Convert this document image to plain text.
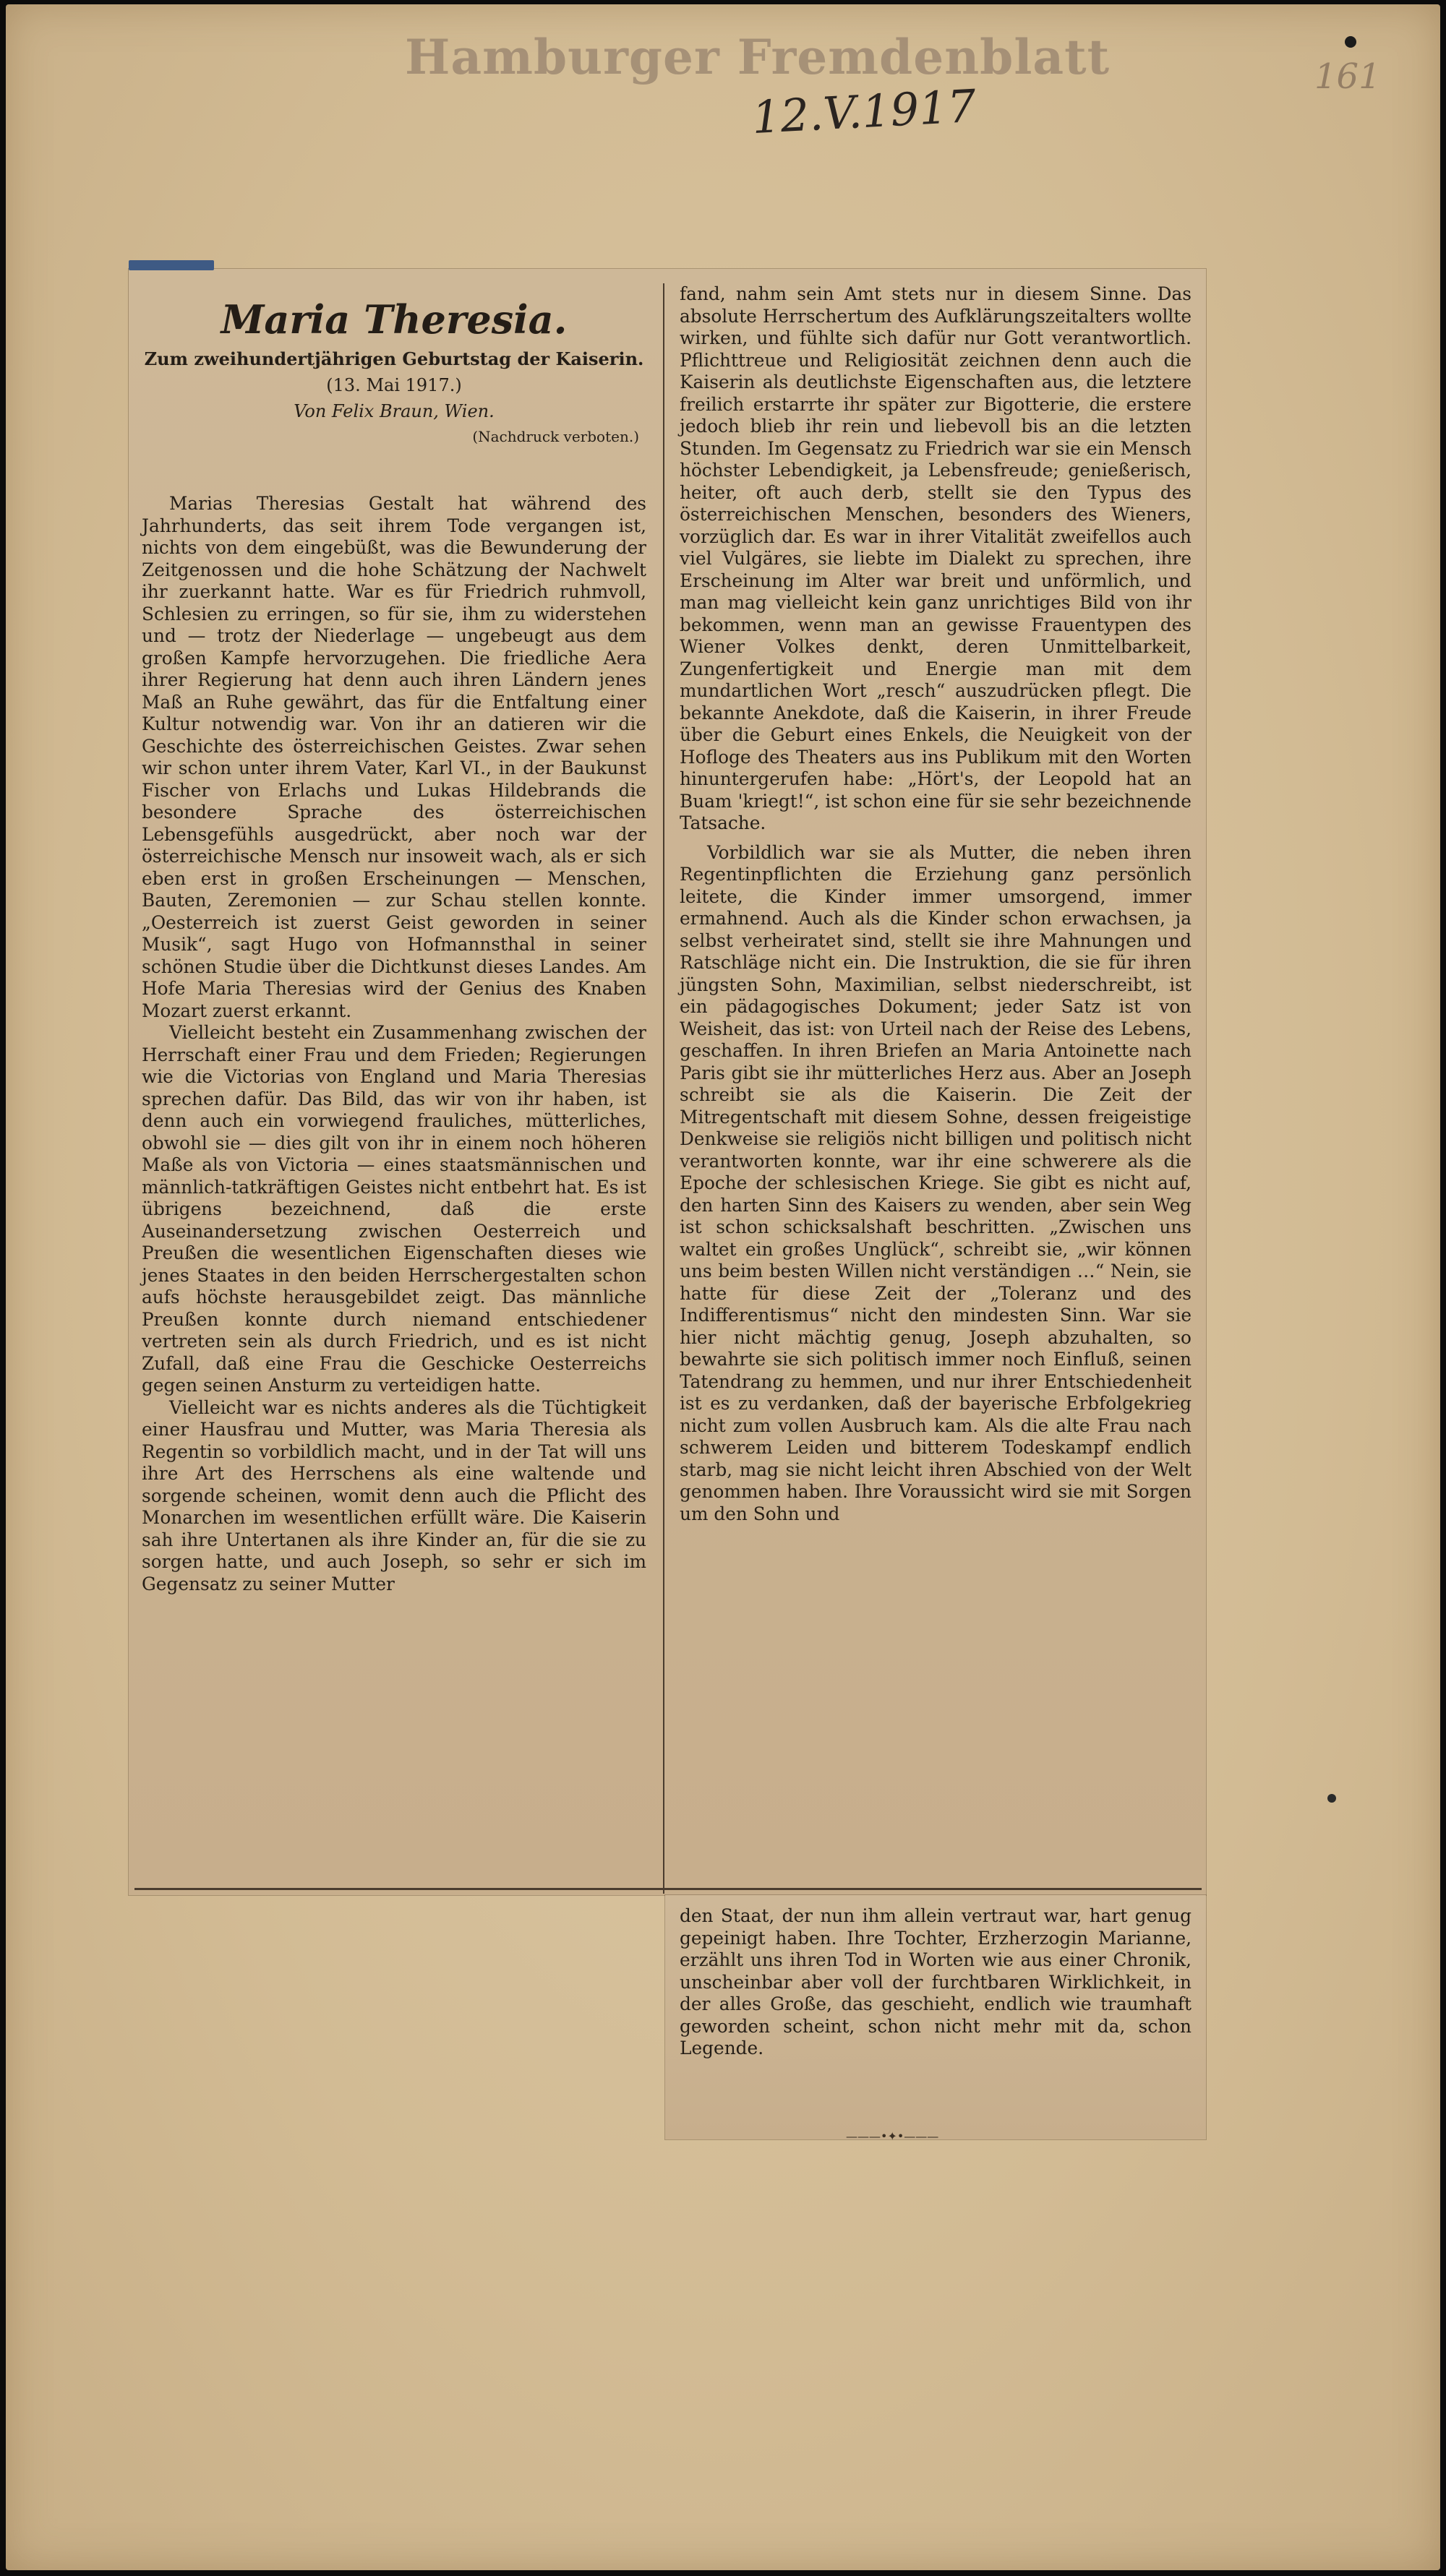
Hamburger Fremdenblatt
12.V.1917
161
Maria Theresia.
Zum zweihundertjährigen Geburtstag der Kaiserin.
(13. Mai 1917.)
Von Felix Braun, Wien.
(Nachdruck verboten.)

Marias Theresias Gestalt hat während des Jahrhunderts, das seit ihrem Tode vergangen ist, nichts von dem eingebüßt, was die Bewunderung der Zeitgenossen und die hohe Schätzung der Nachwelt ihr zuerkannt hatte. War es für Friedrich ruhmvoll, Schlesien zu erringen, so für sie, ihm zu widerstehen und — trotz der Niederlage — ungebeugt aus dem großen Kampfe hervorzugehen. Die friedliche Aera ihrer Regierung hat denn auch ihren Ländern jenes Maß an Ruhe gewährt, das für die Entfaltung einer Kultur notwendig war. Von ihr an datieren wir die Geschichte des österreichischen Geistes. Zwar sehen wir schon unter ihrem Vater, Karl VI., in der Baukunst Fischer von Erlachs und Lukas Hildebrands die besondere Sprache des österreichischen Lebensgefühls ausgedrückt, aber noch war der österreichische Mensch nur insoweit wach, als er sich eben erst in großen Erscheinungen — Menschen, Bauten, Zeremonien — zur Schau stellen konnte. „Oesterreich ist zuerst Geist geworden in seiner Musik“, sagt Hugo von Hofmannsthal in seiner schönen Studie über die Dichtkunst dieses Landes. Am Hofe Maria Theresias wird der Genius des Knaben Mozart zuerst erkannt.

Vielleicht besteht ein Zusammenhang zwischen der Herrschaft einer Frau und dem Frieden; Regierungen wie die Victorias von England und Maria Theresias sprechen dafür. Das Bild, das wir von ihr haben, ist denn auch ein vorwiegend frauliches, mütterliches, obwohl sie — dies gilt von ihr in einem noch höheren Maße als von Victoria — eines staatsmännischen und männlich-tatkräftigen Geistes nicht entbehrt hat. Es ist übrigens bezeichnend, daß die erste Auseinandersetzung zwischen Oesterreich und Preußen die wesentlichen Eigenschaften dieses wie jenes Staates in den beiden Herrschergestalten schon aufs höchste herausgebildet zeigt. Das männliche Preußen konnte durch niemand entschiedener vertreten sein als durch Friedrich, und es ist nicht Zufall, daß eine Frau die Geschicke Oesterreichs gegen seinen Ansturm zu verteidigen hatte.

Vielleicht war es nichts anderes als die Tüchtigkeit einer Hausfrau und Mutter, was Maria Theresia als Regentin so vorbildlich macht, und in der Tat will uns ihre Art des Herrschens als eine waltende und sorgende scheinen, womit denn auch die Pflicht des Monarchen im wesentlichen erfüllt wäre. Die Kaiserin sah ihre Untertanen als ihre Kinder an, für die sie zu sorgen hatte, und auch Joseph, so sehr er sich im Gegensatz zu seiner Mutter

fand, nahm sein Amt stets nur in diesem Sinne. Das absolute Herrschertum des Aufklärungszeitalters wollte wirken, und fühlte sich dafür nur Gott verantwortlich. Pflichttreue und Religiosität zeichnen denn auch die Kaiserin als deutlichste Eigenschaften aus, die letztere freilich erstarrte ihr später zur Bigotterie, die erstere jedoch blieb ihr rein und liebevoll bis an die letzten Stunden. Im Gegensatz zu Friedrich war sie ein Mensch höchster Lebendigkeit, ja Lebensfreude; genießerisch, heiter, oft auch derb, stellt sie den Typus des österreichischen Menschen, besonders des Wieners, vorzüglich dar. Es war in ihrer Vitalität zweifellos auch viel Vulgäres, sie liebte im Dialekt zu sprechen, ihre Erscheinung im Alter war breit und unförmlich, und man mag vielleicht kein ganz unrichtiges Bild von ihr bekommen, wenn man an gewisse Frauentypen des Wiener Volkes denkt, deren Unmittelbarkeit, Zungenfertigkeit und Energie man mit dem mundartlichen Wort „resch“ auszudrücken pflegt. Die bekannte Anekdote, daß die Kaiserin, in ihrer Freude über die Geburt eines Enkels, die Neuigkeit von der Hofloge des Theaters aus ins Publikum mit den Worten hinuntergerufen habe: „Hört's, der Leopold hat an Buam 'kriegt!“, ist schon eine für sie sehr bezeichnende Tatsache.

Vorbildlich war sie als Mutter, die neben ihren Regentinpflichten die Erziehung ganz persönlich leitete, die Kinder immer umsorgend, immer ermahnend. Auch als die Kinder schon erwachsen, ja selbst verheiratet sind, stellt sie ihre Mahnungen und Ratschläge nicht ein. Die Instruktion, die sie für ihren jüngsten Sohn, Maximilian, selbst niederschreibt, ist ein pädagogisches Dokument; jeder Satz ist von Weisheit, das ist: von Urteil nach der Reise des Lebens, geschaffen. In ihren Briefen an Maria Antoinette nach Paris gibt sie ihr mütterliches Herz aus. Aber an Joseph schreibt sie als die Kaiserin. Die Zeit der Mitregentschaft mit diesem Sohne, dessen freigeistige Denkweise sie religiös nicht billigen und politisch nicht verantworten konnte, war ihr eine schwerere als die Epoche der schlesischen Kriege. Sie gibt es nicht auf, den harten Sinn des Kaisers zu wenden, aber sein Weg ist schon schicksalshaft beschritten. „Zwischen uns waltet ein großes Unglück“, schreibt sie, „wir können uns beim besten Willen nicht verständigen …“ Nein, sie hatte für diese Zeit der „Toleranz und des Indifferentismus“ nicht den mindesten Sinn. War sie hier nicht mächtig genug, Joseph abzuhalten, so bewahrte sie sich politisch immer noch Einfluß, seinen Tatendrang zu hemmen, und nur ihrer Entschiedenheit ist es zu verdanken, daß der bayerische Erbfolgekrieg nicht zum vollen Ausbruch kam. Als die alte Frau nach schwerem Leiden und bitterem Todeskampf endlich starb, mag sie nicht leicht ihren Abschied von der Welt genommen haben. Ihre Voraussicht wird sie mit Sorgen um den Sohn und

den Staat, der nun ihm allein vertraut war, hart genug gepeinigt haben. Ihre Tochter, Erzherzogin Marianne, erzählt uns ihren Tod in Worten wie aus einer Chronik, unscheinbar aber voll der furchtbaren Wirklichkeit, in der alles Große, das geschieht, endlich wie traumhaft geworden scheint, schon nicht mehr mit da, schon Legende.

———•✦•———
